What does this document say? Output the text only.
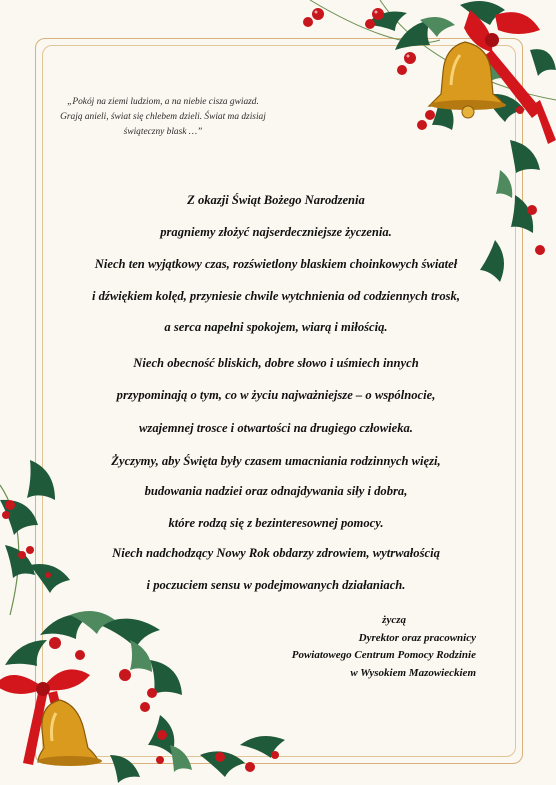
„Pokój na ziemi ludziom, a na niebie cisza gwiazd.
Grają anieli, świat się chlebem dzieli. Świat ma dzisiaj
świąteczny blask …”
Z okazji Świąt Bożego Narodzenia
pragniemy złożyć najserdeczniejsze życzenia.
Niech ten wyjątkowy czas, rozświetlony blaskiem choinkowych świateł
i dźwiękiem kolęd, przyniesie chwile wytchnienia od codziennych trosk,
a serca napełni spokojem, wiarą i miłością.
Niech obecność bliskich, dobre słowo i uśmiech innych
przypominają o tym, co w życiu najważniejsze – o wspólnocie,
wzajemnej trosce i otwartości na drugiego człowieka.
Życzymy, aby Święta były czasem umacniania rodzinnych więzi,
budowania nadziei oraz odnajdywania siły i dobra,
które rodzą się z bezinteresownej pomocy.
Niech nadchodzący Nowy Rok obdarzy zdrowiem, wytrwałością
i poczuciem sensu w podejmowanych działaniach.
życzą
Dyrektor oraz pracownicy
Powiatowego Centrum Pomocy Rodzinie
w Wysokiem Mazowieckiem
